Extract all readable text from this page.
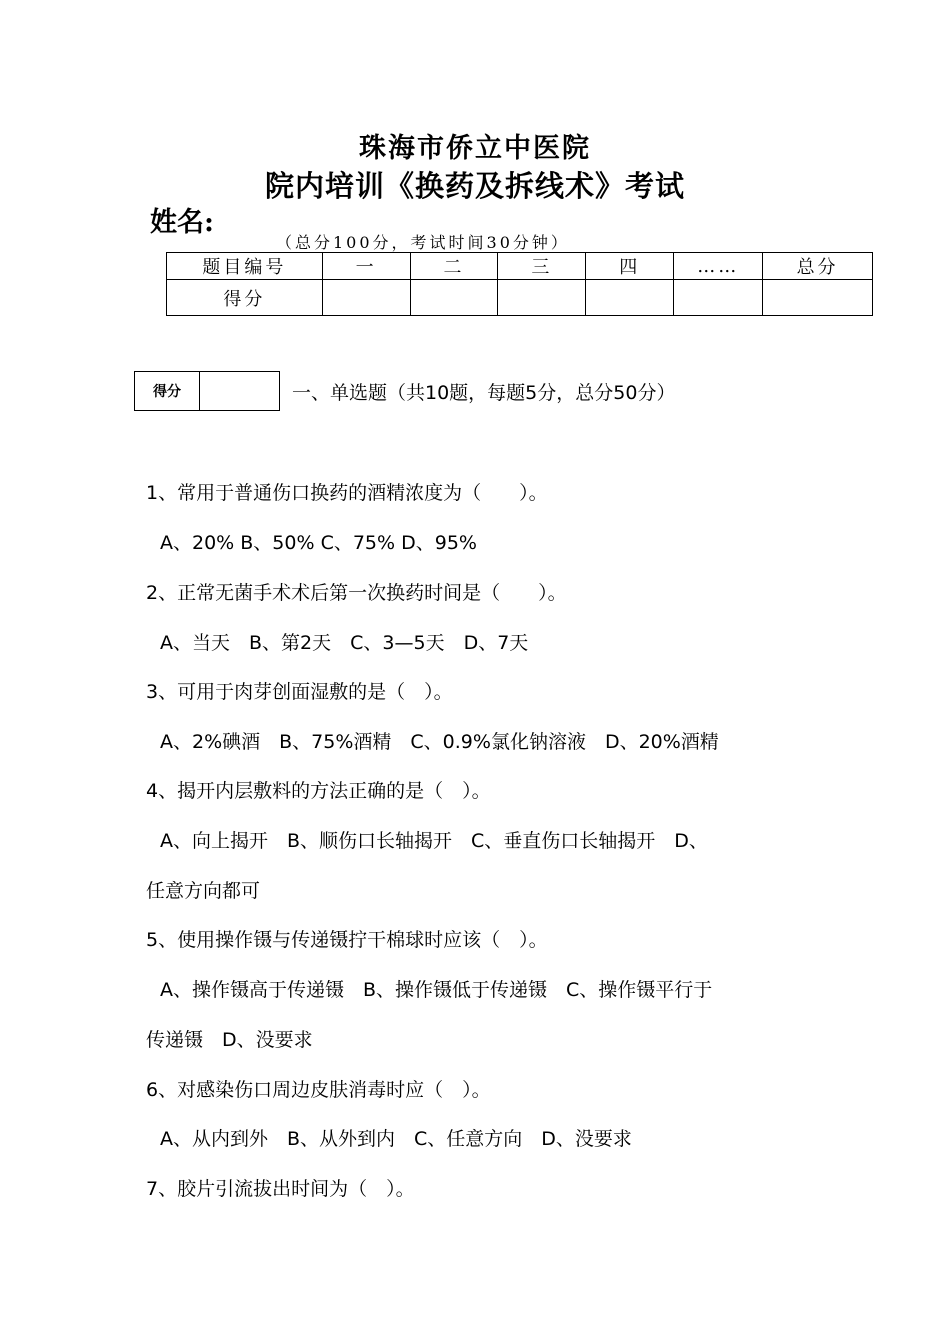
珠海市侨立中医院
院内培训《换药及拆线术》考试
姓名:
（总分100分，考试时间30分钟）
题目编号	一	二	三	四	……	总分
得分						
得分	一、单选题（共10题，每题5分，总分50分）
1、常用于普通伤口换药的酒精浓度为（　　）。
A、20% B、50% C、75% D、95%
2、正常无菌手术术后第一次换药时间是（　　）。
A、当天　B、第2天　C、3—5天　D、7天
3、可用于肉芽创面湿敷的是（　）。
A、2%碘酒　B、75%酒精　C、0.9%氯化钠溶液　D、20%酒精
4、揭开内层敷料的方法正确的是（　）。
A、向上揭开　B、顺伤口长轴揭开　C、垂直伤口长轴揭开　D、
任意方向都可
5、使用操作镊与传递镊拧干棉球时应该（　）。
A、操作镊高于传递镊　B、操作镊低于传递镊　C、操作镊平行于
传递镊　D、没要求
6、对感染伤口周边皮肤消毒时应（　）。
A、从内到外　B、从外到内　C、任意方向　D、没要求
7、胶片引流拔出时间为（　）。
